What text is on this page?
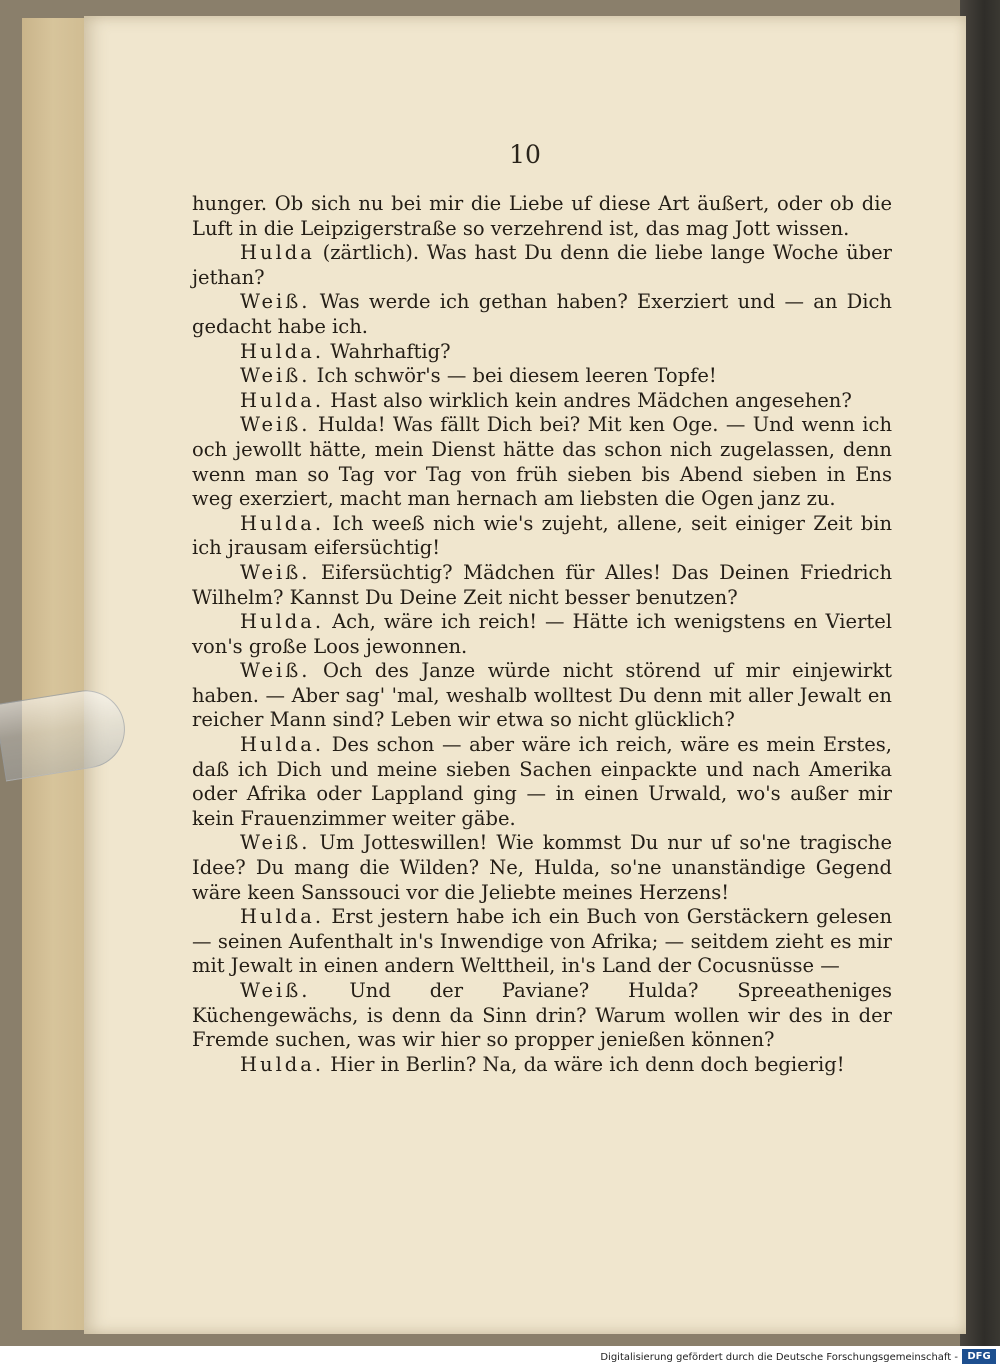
10

hunger. Ob sich nu bei mir die Liebe uf diese Art äußert, oder ob die Luft in die Leipzigerstraße so verzehrend ist, das mag Jott wissen.

Hulda (zärtlich). Was hast Du denn die liebe lange Woche über jethan?

Weiß. Was werde ich gethan haben? Exerziert und — an Dich gedacht habe ich.

Hulda. Wahrhaftig?

Weiß. Ich schwör's — bei diesem leeren Topfe!

Hulda. Hast also wirklich kein andres Mädchen angesehen?

Weiß. Hulda! Was fällt Dich bei? Mit ken Oge. — Und wenn ich och jewollt hätte, mein Dienst hätte das schon nich zugelassen, denn wenn man so Tag vor Tag von früh sieben bis Abend sieben in Ens weg exerziert, macht man hernach am liebsten die Ogen janz zu.

Hulda. Ich weeß nich wie's zujeht, allene, seit einiger Zeit bin ich jrausam eifersüchtig!

Weiß. Eifersüchtig? Mädchen für Alles! Das Deinen Friedrich Wilhelm? Kannst Du Deine Zeit nicht besser benutzen?

Hulda. Ach, wäre ich reich! — Hätte ich wenigstens en Viertel von's große Loos jewonnen.

Weiß. Och des Janze würde nicht störend uf mir einjewirkt haben. — Aber sag' 'mal, weshalb wolltest Du denn mit aller Jewalt en reicher Mann sind? Leben wir etwa so nicht glücklich?

Hulda. Des schon — aber wäre ich reich, wäre es mein Erstes, daß ich Dich und meine sieben Sachen einpackte und nach Amerika oder Afrika oder Lappland ging — in einen Urwald, wo's außer mir kein Frauenzimmer weiter gäbe.

Weiß. Um Jotteswillen! Wie kommst Du nur uf so'ne tragische Idee? Du mang die Wilden? Ne, Hulda, so'ne unanständige Gegend wäre keen Sanssouci vor die Jeliebte meines Herzens!

Hulda. Erst jestern habe ich ein Buch von Gerstäckern gelesen — seinen Aufenthalt in's Inwendige von Afrika; — seitdem zieht es mir mit Jewalt in einen andern Welttheil, in's Land der Cocusnüsse —

Weiß. Und der Paviane? Hulda? Spreeatheniges Küchengewächs, is denn da Sinn drin? Warum wollen wir des in der Fremde suchen, was wir hier so propper jenießen können?

Hulda. Hier in Berlin? Na, da wäre ich denn doch begierig!

Digitalisierung gefördert durch die Deutsche Forschungsgemeinschaft - DFG
